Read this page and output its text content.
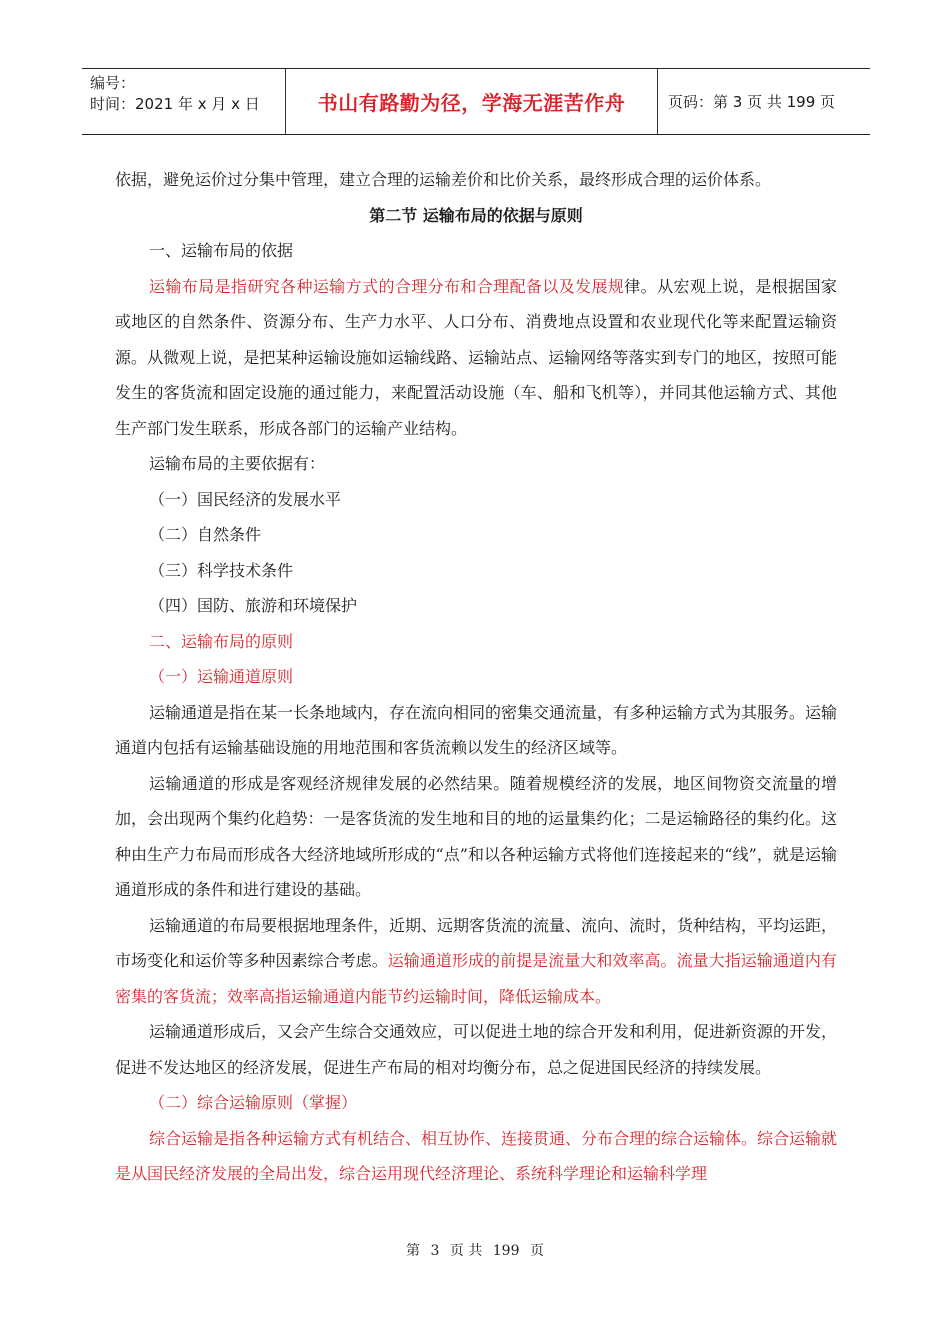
编号：
时间：2021 年 x 月 x 日	书山有路勤为径，学海无涯苦作舟	页码：第 3 页 共 199 页

依据，避免运价过分集中管理，建立合理的运输差价和比价关系，最终形成合理的运价体系。

第二节 运输布局的依据与原则

一、运输布局的依据

运输布局是指研究各种运输方式的合理分布和合理配备以及发展规律。从宏观上说，是根据国家或地区的自然条件、资源分布、生产力水平、人口分布、消费地点设置和农业现代化等来配置运输资源。从微观上说，是把某种运输设施如运输线路、运输站点、运输网络等落实到专门的地区，按照可能发生的客货流和固定设施的通过能力，来配置活动设施（车、船和飞机等），并同其他运输方式、其他生产部门发生联系，形成各部门的运输产业结构。

运输布局的主要依据有：

（一）国民经济的发展水平

（二）自然条件

（三）科学技术条件

（四）国防、旅游和环境保护

二、运输布局的原则

（一）运输通道原则

运输通道是指在某一长条地域内，存在流向相同的密集交通流量，有多种运输方式为其服务。运输通道内包括有运输基础设施的用地范围和客货流赖以发生的经济区域等。

运输通道的形成是客观经济规律发展的必然结果。随着规模经济的发展，地区间物资交流量的增加，会出现两个集约化趋势：一是客货流的发生地和目的地的运量集约化；二是运输路径的集约化。这种由生产力布局而形成各大经济地域所形成的“点”和以各种运输方式将他们连接起来的“线”，就是运输通道形成的条件和进行建设的基础。

运输通道的布局要根据地理条件，近期、远期客货流的流量、流向、流时，货种结构，平均运距，市场变化和运价等多种因素综合考虑。运输通道形成的前提是流量大和效率高。流量大指运输通道内有密集的客货流；效率高指运输通道内能节约运输时间，降低运输成本。

运输通道形成后，又会产生综合交通效应，可以促进土地的综合开发和利用，促进新资源的开发，促进不发达地区的经济发展，促进生产布局的相对均衡分布，总之促进国民经济的持续发展。

（二）综合运输原则（掌握）

综合运输是指各种运输方式有机结合、相互协作、连接贯通、分布合理的综合运输体。综合运输就是从国民经济发展的全局出发，综合运用现代经济理论、系统科学理论和运输科学理

第 3 页 共 199 页
